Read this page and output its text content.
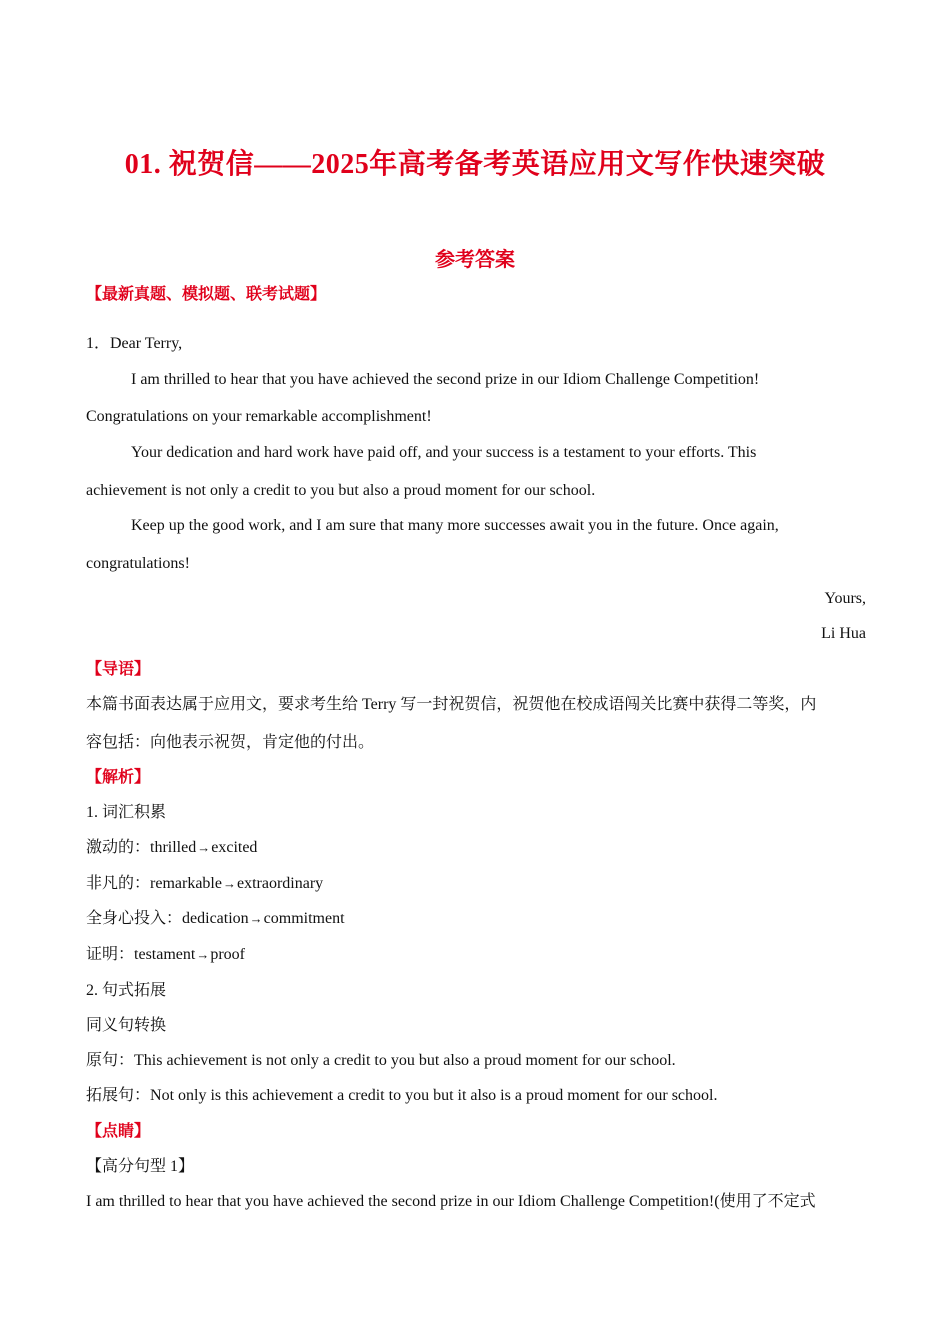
01. 祝贺信——2025年高考备考英语应用文写作快速突破
参考答案
【最新真题、模拟题、联考试题】
1．Dear Terry,
I am thrilled to hear that you have achieved the second prize in our Idiom Challenge Competition!
Congratulations on your remarkable accomplishment!
Your dedication and hard work have paid off, and your success is a testament to your efforts. This
achievement is not only a credit to you but also a proud moment for our school.
Keep up the good work, and I am sure that many more successes await you in the future. Once again,
congratulations!
Yours,
Li Hua
【导语】
本篇书面表达属于应用文，要求考生给 Terry 写一封祝贺信，祝贺他在校成语闯关比赛中获得二等奖，内
容包括：向他表示祝贺，肯定他的付出。
【解析】
1. 词汇积累
激动的：thrilled→excited
非凡的：remarkable→extraordinary
全身心投入：dedication→commitment
证明：testament→proof
2. 句式拓展
同义句转换
原句：This achievement is not only a credit to you but also a proud moment for our school.
拓展句：Not only is this achievement a credit to you but it also is a proud moment for our school.
【点睛】
【高分句型 1】
I am thrilled to hear that you have achieved the second prize in our Idiom Challenge Competition!(使用了不定式
